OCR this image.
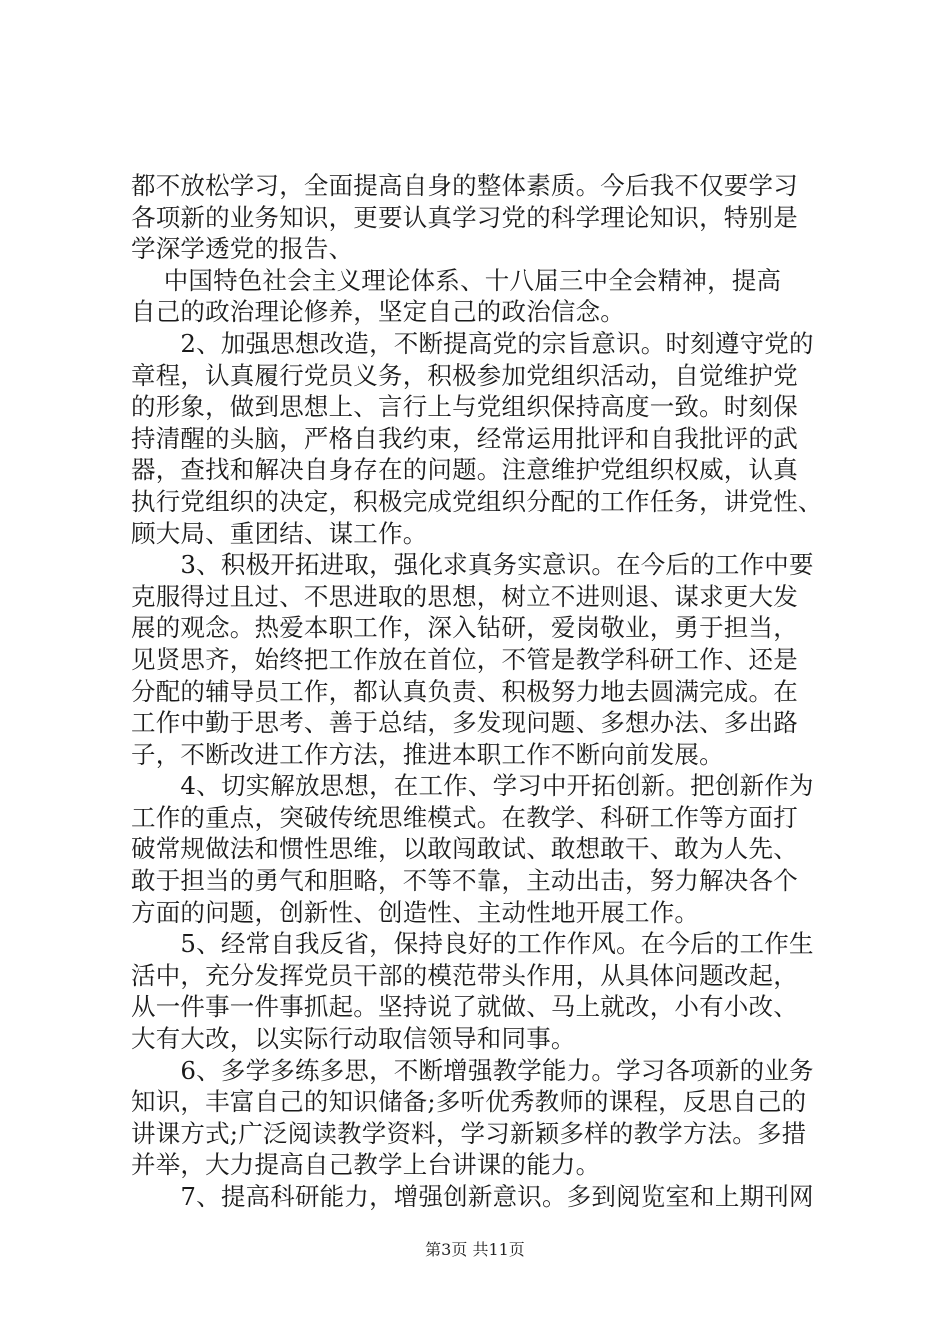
都不放松学习，全面提高自身的整体素质。今后我不仅要学习
各项新的业务知识，更要认真学习党的科学理论知识，特别是
学深学透党的报告、
　 中国特色社会主义理论体系、十八届三中全会精神，提高
自己的政治理论修养，坚定自己的政治信念。
　　2、加强思想改造，不断提高党的宗旨意识。时刻遵守党的
章程，认真履行党员义务，积极参加党组织活动，自觉维护党
的形象，做到思想上、言行上与党组织保持高度一致。时刻保
持清醒的头脑，严格自我约束，经常运用批评和自我批评的武
器，查找和解决自身存在的问题。注意维护党组织权威，认真
执行党组织的决定，积极完成党组织分配的工作任务，讲党性、
顾大局、重团结、谋工作。
　　3、积极开拓进取，强化求真务实意识。在今后的工作中要
克服得过且过、不思进取的思想，树立不进则退、谋求更大发
展的观念。热爱本职工作，深入钻研，爱岗敬业，勇于担当，
见贤思齐，始终把工作放在首位，不管是教学科研工作、还是
分配的辅导员工作，都认真负责、积极努力地去圆满完成。在
工作中勤于思考、善于总结，多发现问题、多想办法、多出路
子，不断改进工作方法，推进本职工作不断向前发展。
　　4、切实解放思想，在工作、学习中开拓创新。把创新作为
工作的重点，突破传统思维模式。在教学、科研工作等方面打
破常规做法和惯性思维，以敢闯敢试、敢想敢干、敢为人先、
敢于担当的勇气和胆略，不等不靠，主动出击，努力解决各个
方面的问题，创新性、创造性、主动性地开展工作。
　　5、经常自我反省，保持良好的工作作风。在今后的工作生
活中，充分发挥党员干部的模范带头作用，从具体问题改起，
从一件事一件事抓起。坚持说了就做、马上就改，小有小改、
大有大改，以实际行动取信领导和同事。
　　6、多学多练多思，不断增强教学能力。学习各项新的业务
知识，丰富自己的知识储备;多听优秀教师的课程，反思自己的
讲课方式;广泛阅读教学资料，学习新颖多样的教学方法。多措
并举，大力提高自己教学上台讲课的能力。
　　7、提高科研能力，增强创新意识。多到阅览室和上期刊网
第3页 共11页
